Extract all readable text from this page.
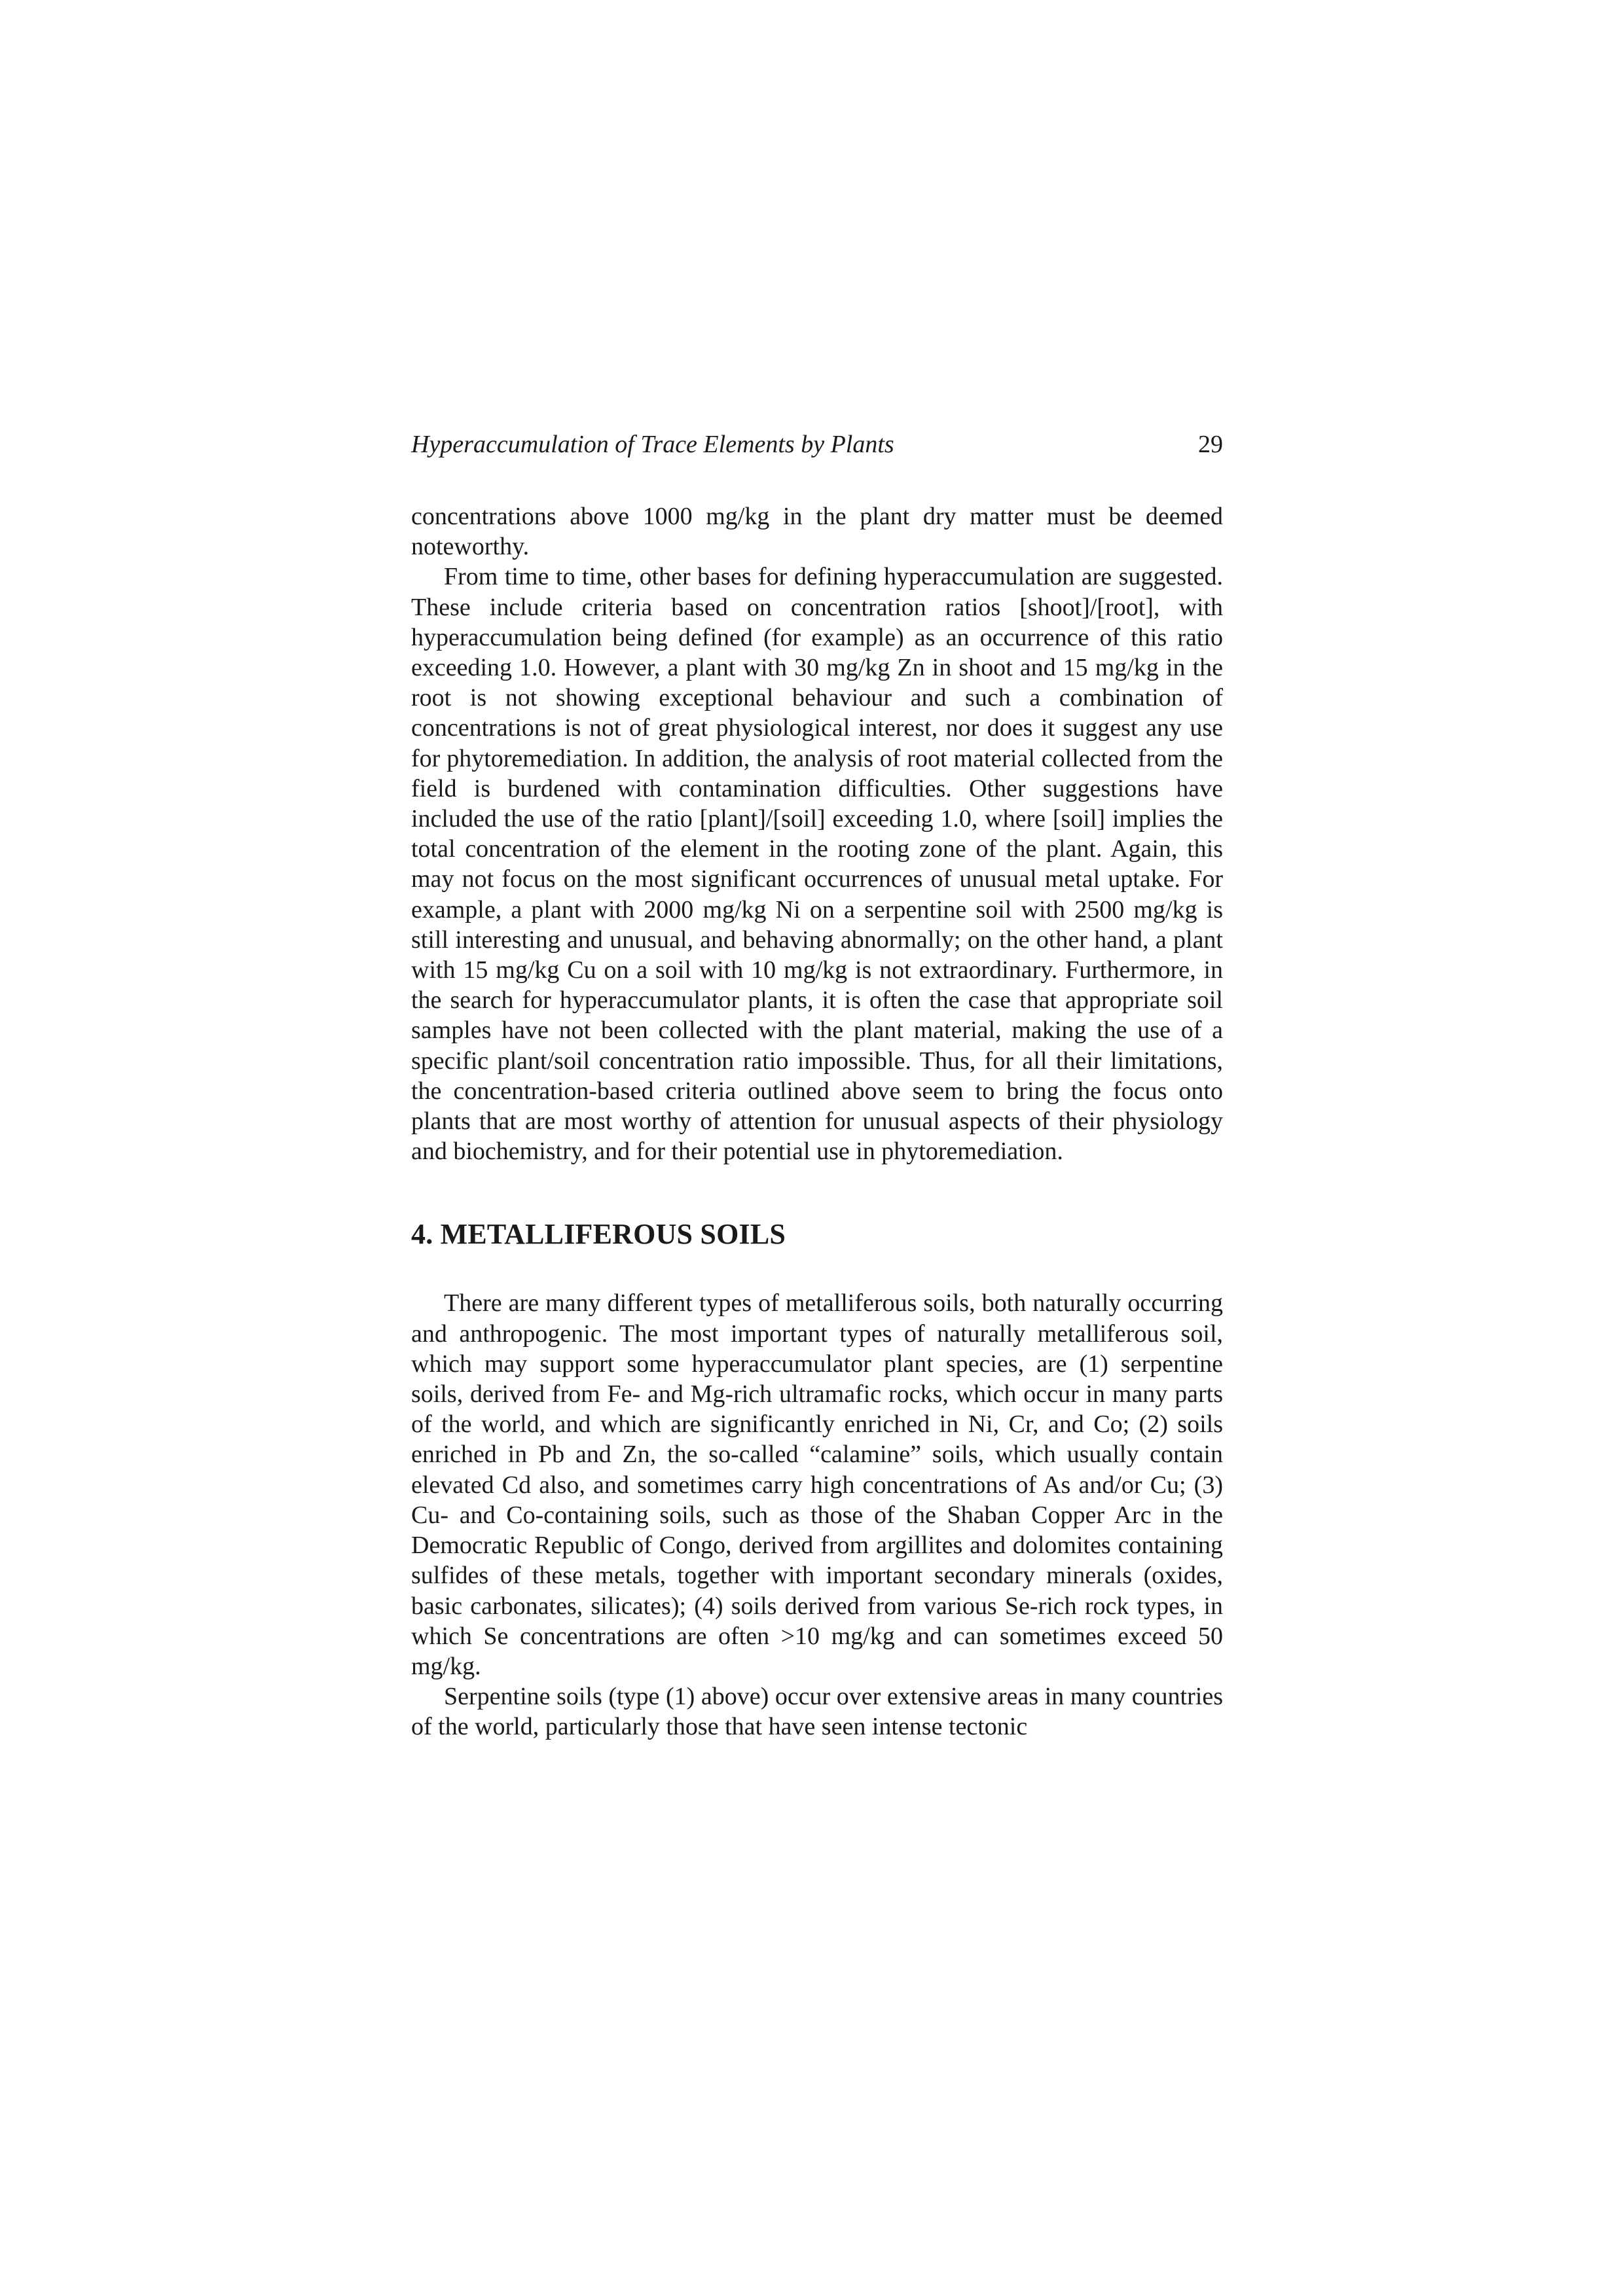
Hyperaccumulation of Trace Elements by Plants	29

concentrations above 1000 mg/kg in the plant dry matter must be deemed noteworthy.

From time to time, other bases for defining hyperaccumulation are suggested. These include criteria based on concentration ratios [shoot]/[root], with hyperaccumulation being defined (for example) as an occurrence of this ratio exceeding 1.0. However, a plant with 30 mg/kg Zn in shoot and 15 mg/kg in the root is not showing exceptional behaviour and such a combination of concentrations is not of great physiological interest, nor does it suggest any use for phytoremediation. In addition, the analysis of root material collected from the field is burdened with contamination difficulties. Other suggestions have included the use of the ratio [plant]/[soil] exceeding 1.0, where [soil] implies the total concentration of the element in the rooting zone of the plant. Again, this may not focus on the most significant occurrences of unusual metal uptake. For example, a plant with 2000 mg/kg Ni on a serpentine soil with 2500 mg/kg is still interesting and unusual, and behaving abnormally; on the other hand, a plant with 15 mg/kg Cu on a soil with 10 mg/kg is not extraordinary. Furthermore, in the search for hyperaccumulator plants, it is often the case that appropriate soil samples have not been collected with the plant material, making the use of a specific plant/soil concentration ratio impossible. Thus, for all their limitations, the concentration-based criteria outlined above seem to bring the focus onto plants that are most worthy of attention for unusual aspects of their physiology and biochemistry, and for their potential use in phytoremediation.

4. METALLIFEROUS SOILS

There are many different types of metalliferous soils, both naturally occurring and anthropogenic. The most important types of naturally metalliferous soil, which may support some hyperaccumulator plant species, are (1) serpentine soils, derived from Fe- and Mg-rich ultramafic rocks, which occur in many parts of the world, and which are significantly enriched in Ni, Cr, and Co; (2) soils enriched in Pb and Zn, the so-called “calamine” soils, which usually contain elevated Cd also, and sometimes carry high concentrations of As and/or Cu; (3) Cu- and Co-containing soils, such as those of the Shaban Copper Arc in the Democratic Republic of Congo, derived from argillites and dolomites containing sulfides of these metals, together with important secondary minerals (oxides, basic carbonates, silicates); (4) soils derived from various Se-rich rock types, in which Se concentrations are often >10 mg/kg and can sometimes exceed 50 mg/kg.

Serpentine soils (type (1) above) occur over extensive areas in many countries of the world, particularly those that have seen intense tectonic
